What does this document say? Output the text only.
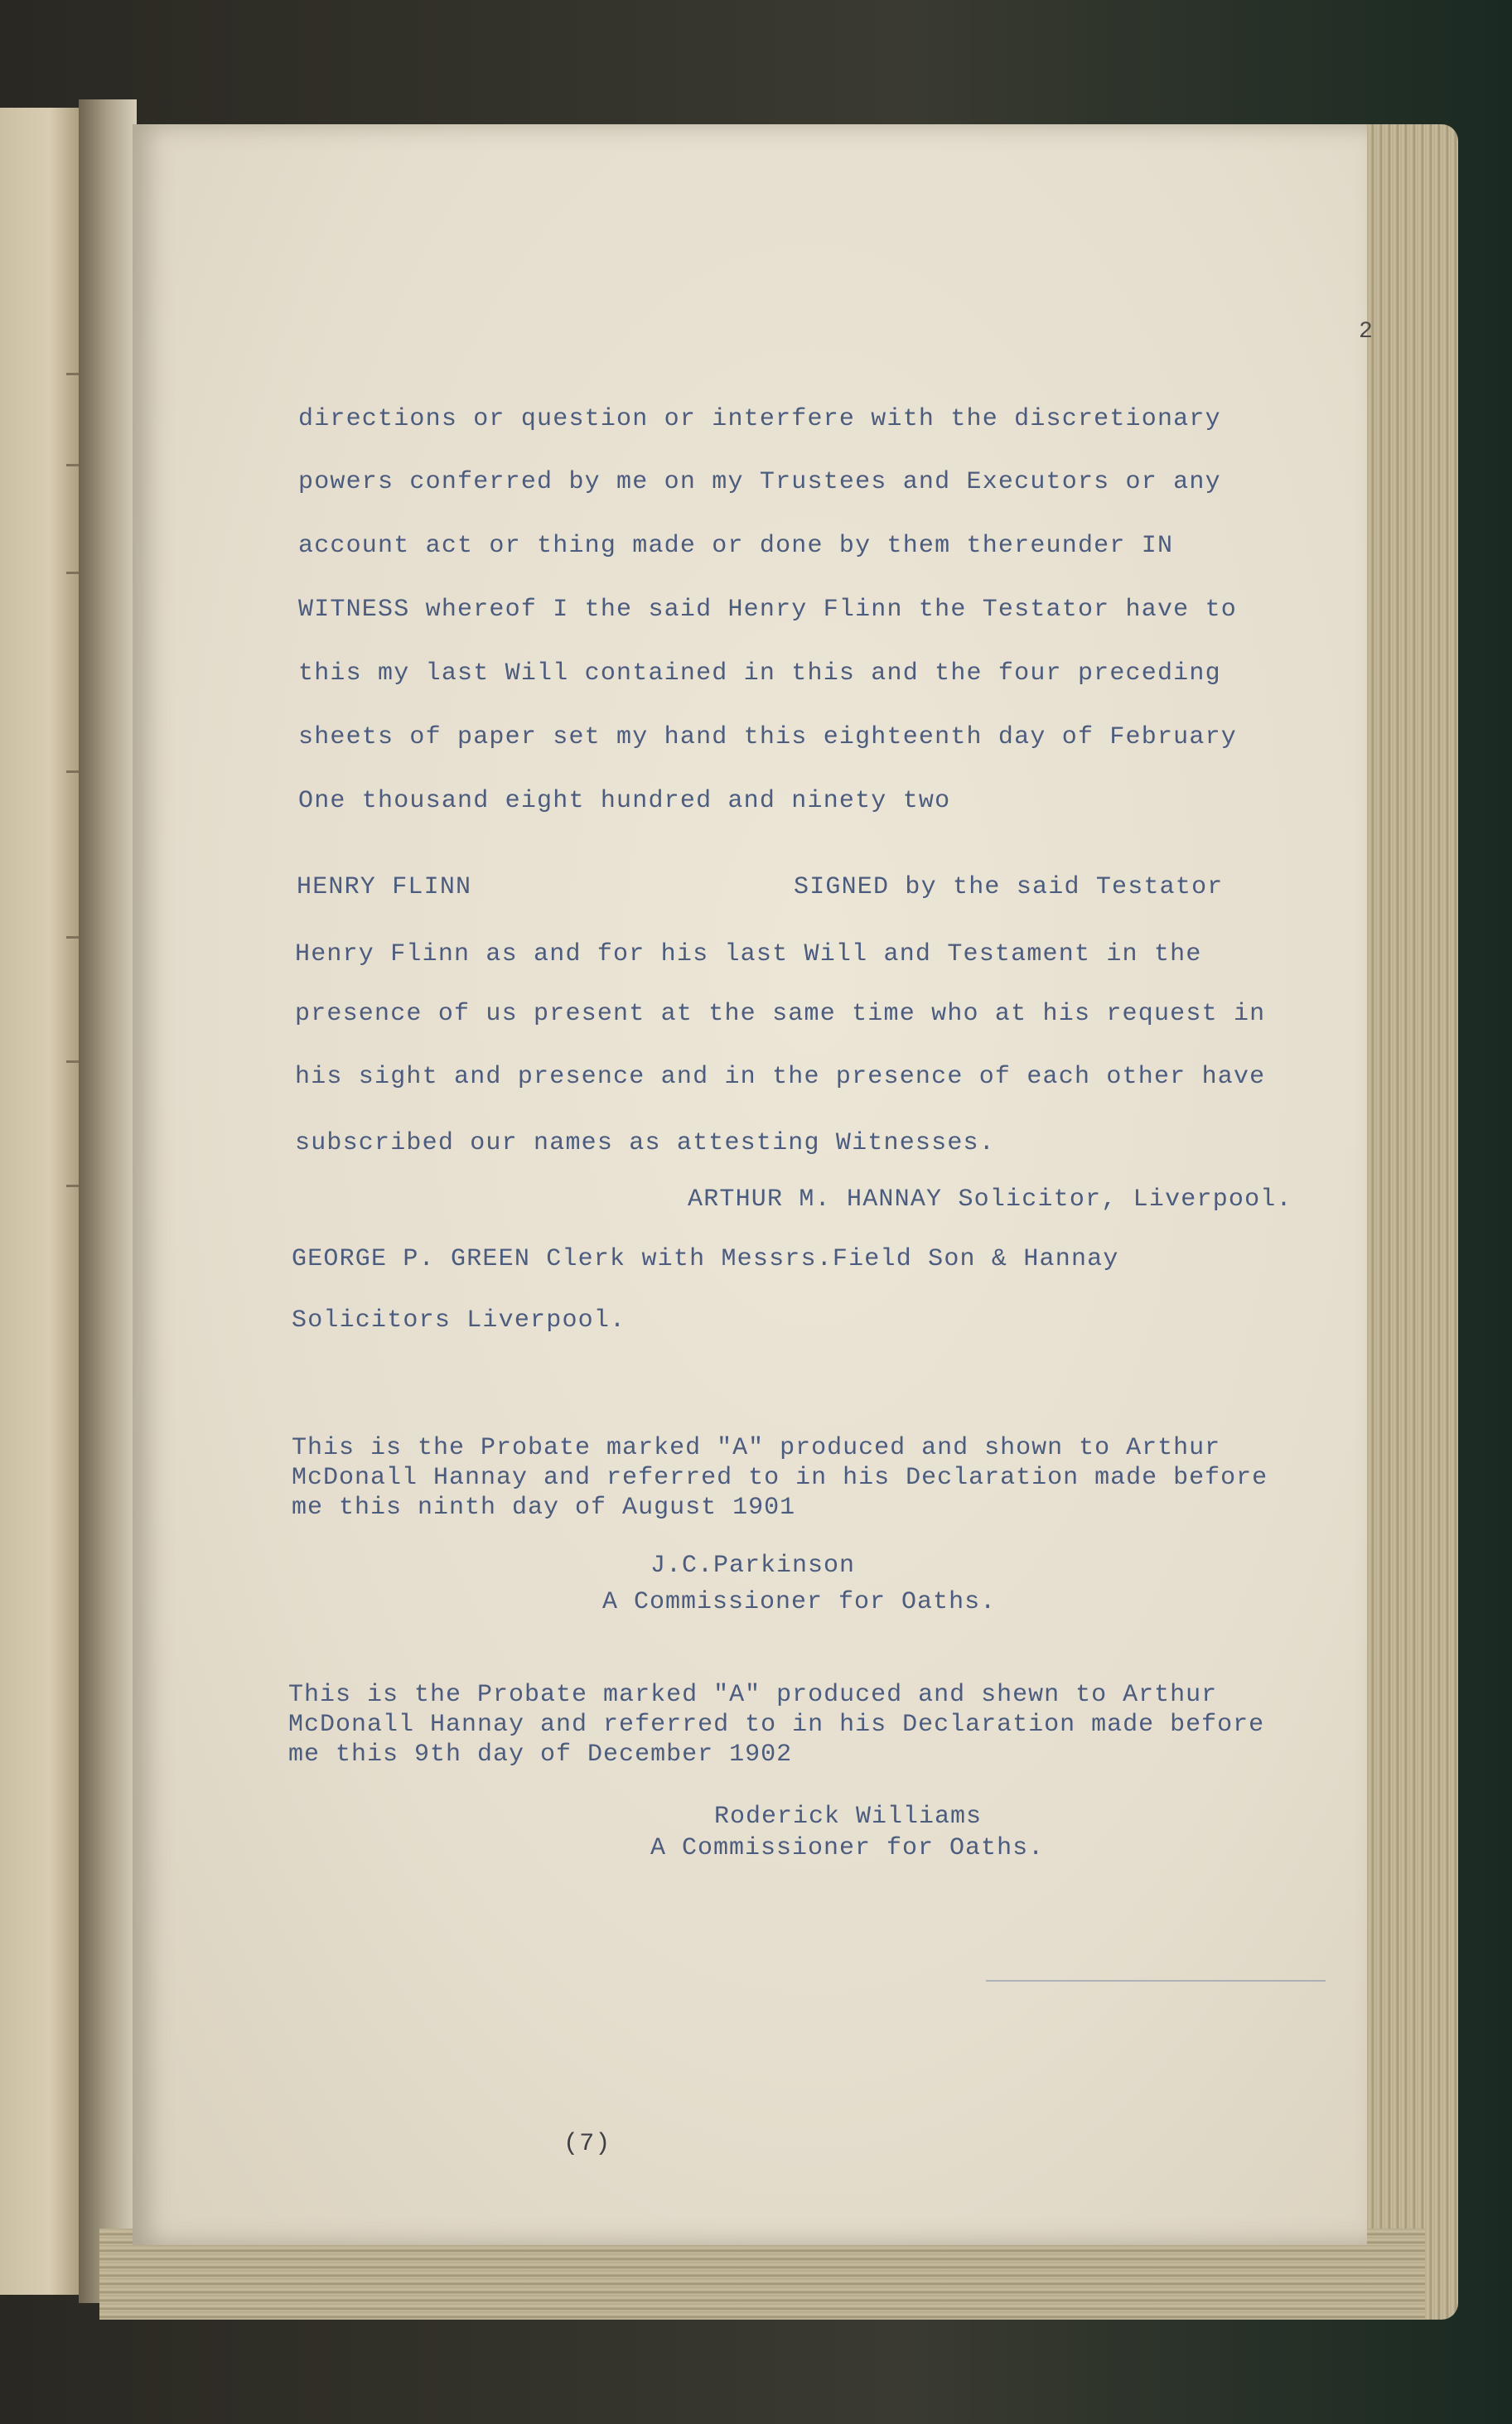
2

directions or question or interfere with the discretionary

powers conferred by me on my Trustees and Executors or any

account act or thing made or done by them thereunder IN

WITNESS whereof I the said Henry Flinn the Testator have to

this my last Will contained in this and the four preceding

sheets of paper set my hand this eighteenth day of February

One thousand eight hundred and ninety two

HENRY FLINN	SIGNED by the said Testator

Henry Flinn as and for his last Will and Testament in the

presence of us present at the same time who at his request in

his sight and presence and in the presence of each other have

subscribed our names as attesting Witnesses.

ARTHUR M. HANNAY Solicitor, Liverpool.

GEORGE P. GREEN Clerk with Messrs.Field Son & Hannay

Solicitors Liverpool.

This is the Probate marked "A" produced and shown to Arthur
McDonall Hannay and referred to in his Declaration made before
me this ninth day of August 1901

J.C.Parkinson

A Commissioner for Oaths.

This is the Probate marked "A" produced and shewn to Arthur
McDonall Hannay and referred to in his Declaration made before
me this 9th day of December 1902

Roderick Williams

A Commissioner for Oaths.

(7)
